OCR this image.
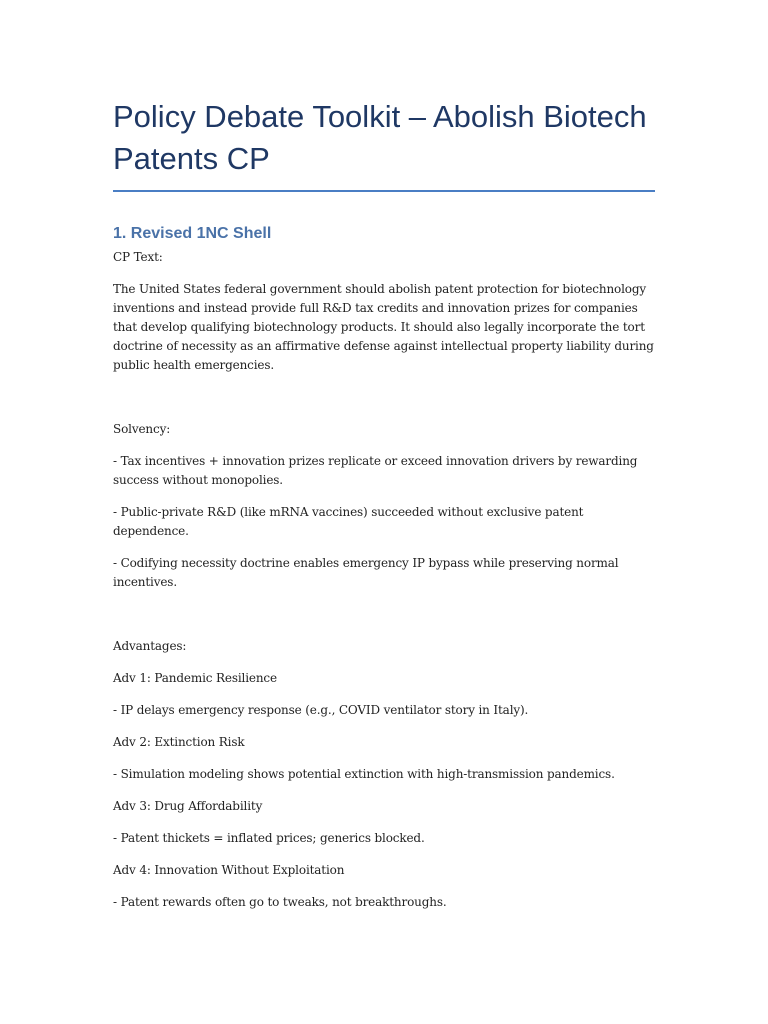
Policy Debate Toolkit – Abolish Biotech Patents CP
1. Revised 1NC Shell

CP Text:

The United States federal government should abolish patent protection for biotechnology inventions and instead provide full R&D tax credits and innovation prizes for companies that develop qualifying biotechnology products. It should also legally incorporate the tort doctrine of necessity as an affirmative defense against intellectual property liability during public health emergencies.

Solvency:

- Tax incentives + innovation prizes replicate or exceed innovation drivers by rewarding success without monopolies.

- Public-private R&D (like mRNA vaccines) succeeded without exclusive patent dependence.

- Codifying necessity doctrine enables emergency IP bypass while preserving normal incentives.

Advantages:

Adv 1: Pandemic Resilience

- IP delays emergency response (e.g., COVID ventilator story in Italy).

Adv 2: Extinction Risk

- Simulation modeling shows potential extinction with high-transmission pandemics.

Adv 3: Drug Affordability

- Patent thickets = inflated prices; generics blocked.

Adv 4: Innovation Without Exploitation

- Patent rewards often go to tweaks, not breakthroughs.
